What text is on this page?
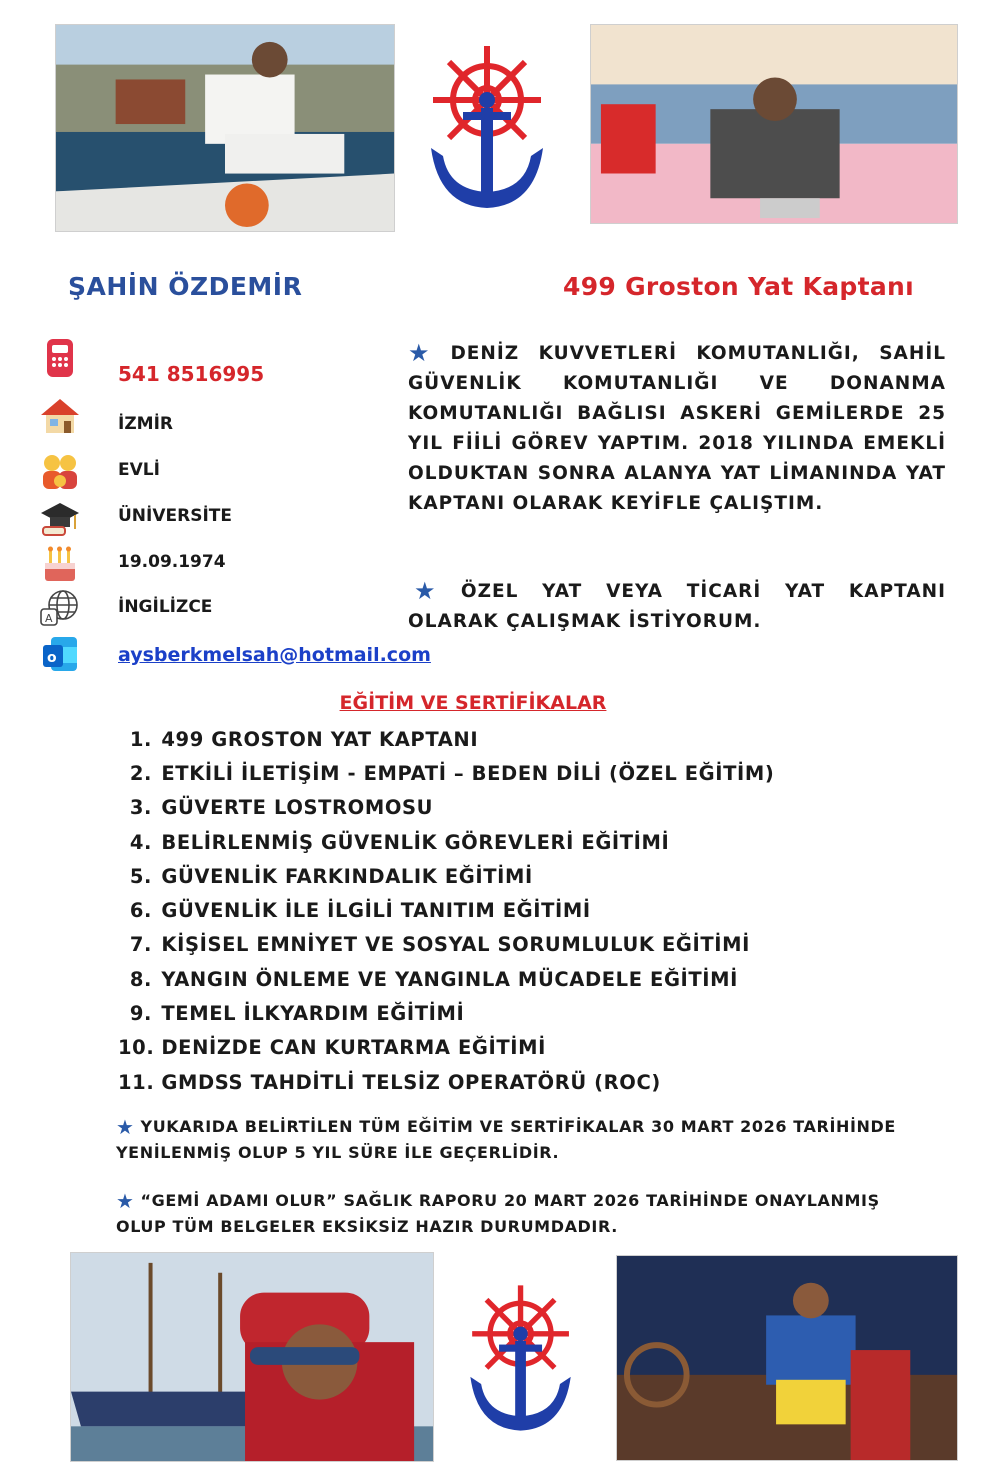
ŞAHİN ÖZDEMİR	499 Groston Yat Kaptanı
541 8516995
İZMİR
EVLİ
ÜNİVERSİTE
19.09.1974
A
İNGİLİZCE
o	aysberkmelsah@hotmail.com

★ DENİZ KUVVETLERİ KOMUTANLIĞI, SAHİL GÜVENLİK KOMUTANLIĞI VE DONANMA KOMUTANLIĞI BAĞLISI ASKERİ GEMİLERDE 25 YIL FİİLİ GÖREV YAPTIM. 2018 YILINDA EMEKLİ OLDUKTAN SONRA ALANYA YAT LİMANINDA YAT KAPTANI OLARAK KEYİFLE ÇALIŞTIM.

★ ÖZEL YAT VEYA TİCARİ YAT KAPTANI OLARAK ÇALIŞMAK İSTİYORUM.

EĞİTİM VE SERTİFİKALAR
1.
499 GROSTON YAT KAPTANI
2.
ETKİLİ İLETİŞİM - EMPATİ – BEDEN DİLİ (ÖZEL EĞİTİM)
3.
GÜVERTE LOSTROMOSU
4.
BELİRLENMİŞ GÜVENLİK GÖREVLERİ EĞİTİMİ
5.
GÜVENLİK FARKINDALIK EĞİTİMİ
6.
GÜVENLİK İLE İLGİLİ TANITIM EĞİTİMİ
7.
KİŞİSEL EMNİYET VE SOSYAL SORUMLULUK EĞİTİMİ
8.
YANGIN ÖNLEME VE YANGINLA MÜCADELE EĞİTİMİ
9.
TEMEL İLKYARDIM EĞİTİMİ
10.
DENİZDE CAN KURTARMA EĞİTİMİ
11.
GMDSS TAHDİTLİ TELSİZ OPERATÖRÜ (ROC)

★ YUKARIDA BELİRTİLEN TÜM EĞİTİM VE SERTİFİKALAR 30 MART 2026 TARİHİNDE YENİLENMİŞ OLUP 5 YIL SÜRE İLE GEÇERLİDİR.

★ “GEMİ ADAMI OLUR” SAĞLIK RAPORU 20 MART 2026 TARİHİNDE ONAYLANMIŞ OLUP TÜM BELGELER EKSİKSİZ HAZIR DURUMDADIR.
